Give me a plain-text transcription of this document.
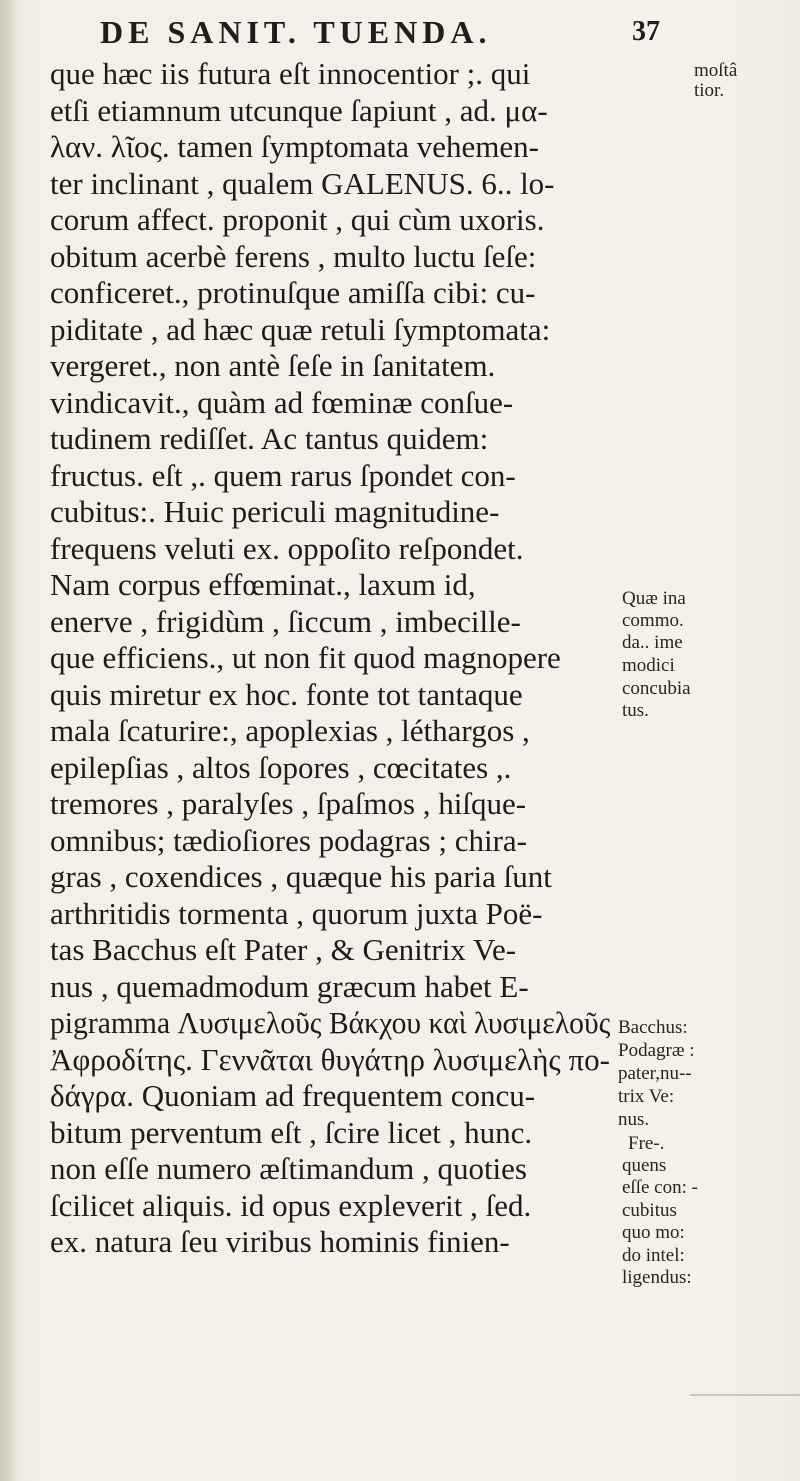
DE SANIT. TUENDA.	37
que hæc iis futura eſt innocentior ;. qui
etſi etiamnum utcunque ſapiunt , ad. μα-
λαν. λῖος. tamen ſymptomata vehemen-
ter inclinant , qualem GALENUS. 6.. lo-
corum affect. proponit , qui cùm uxoris.
obitum acerbè ferens , multo luctu ſeſe:
conficeret., protinuſque amiſſa cibi: cu-
piditate , ad hæc quæ retuli ſymptomata:
vergeret., non antè ſeſe in ſanitatem.
vindicavit., quàm ad fœminæ conſue-
tudinem rediſſet. Ac tantus quidem:
fructus. eſt ,. quem rarus ſpondet con-
cubitus:. Huic periculi magnitudine-
frequens veluti ex. oppoſito reſpondet.
Nam corpus effœminat., laxum id,
enerve , frigidùm , ſiccum , imbecille-
que efficiens., ut non fit quod magnopere
quis miretur ex hoc. fonte tot tantaque
mala ſcaturire:, apoplexias , léthargos ,
epilepſias , altos ſopores , cœcitates ,.
tremores , paralyſes , ſpaſmos , hiſque-
omnibus; tædioſiores podagras ; chira-
gras , coxendices , quæque his paria ſunt
arthritidis tormenta , quorum juxta Poë-
tas Bacchus eſt Pater , & Genitrix Ve-
nus , quemadmodum græcum habet E-
pigramma Λυσιμελοῦς Βάκχου καὶ λυσιμελοῦς
Ἀφροδίτης. Γεννᾶται θυγάτηρ λυσιμελὴς πο-
δάγρα. Quoniam ad frequentem concu-
bitum perventum eſt , ſcire licet , hunc.
non eſſe numero æſtimandum , quoties
ſcilicet aliquis. id opus expleverit , ſed.
ex. natura ſeu viribus hominis finien-
moſtâ
tior.
Quæ ina
commo.
da.. ime
modici
concubia
tus.
Bacchus:
Podagræ :
pater,nu--
trix Ve:
nus.
Fre-.
quens
eſſe con: -
cubitus
quo mo:
do intel:
ligendus:
